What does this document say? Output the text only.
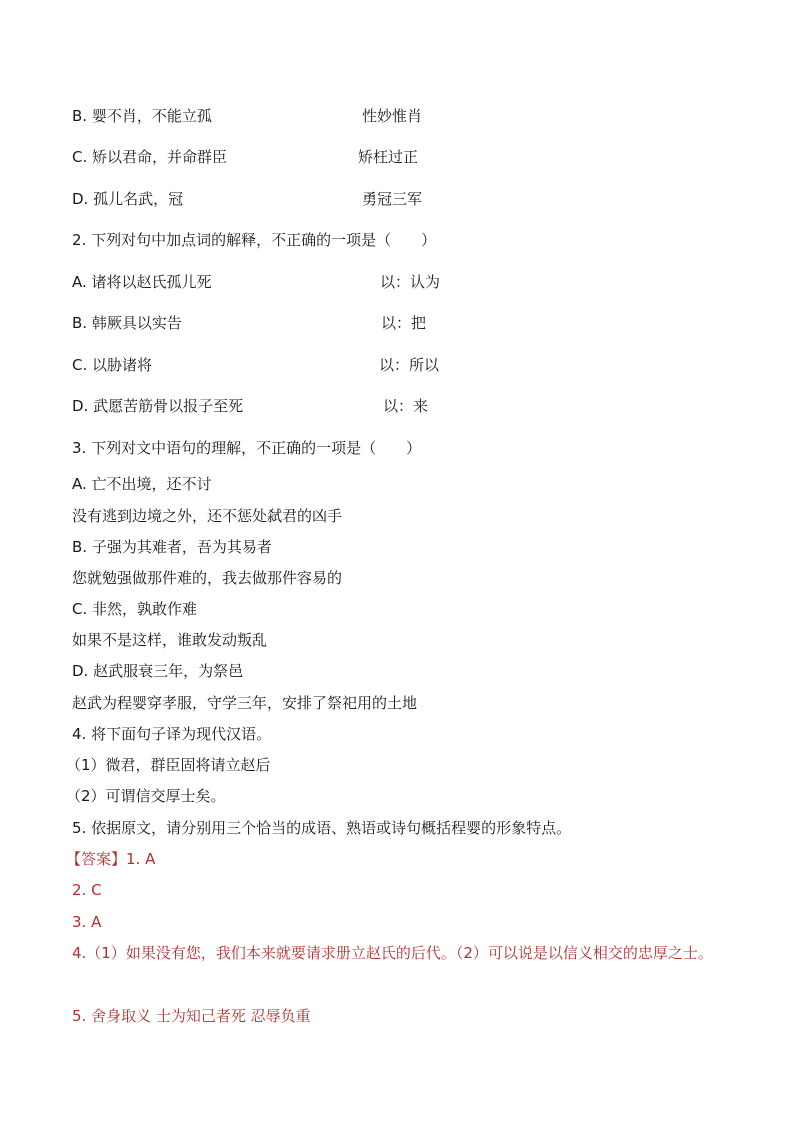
B. 婴不肖，不能立孤	性妙惟肖
C. 矫以君命，并命群臣	矫枉过正
D. 孤儿名武，冠	勇冠三军
2. 下列对句中加点词的解释，不正确的一项是（　　）
A. 诸将以赵氏孤儿死	以：认为
B. 韩厥具以实告	以：把
C. 以胁诸将	以：所以
D. 武愿苦筋骨以报子至死	以：来
3. 下列对文中语句的理解，不正确的一项是（　　）
A. 亡不出境，还不讨
没有逃到边境之外，还不惩处弑君的凶手
B. 子强为其难者，吾为其易者
您就勉强做那件难的，我去做那件容易的
C. 非然，孰敢作难
如果不是这样，谁敢发动叛乱
D. 赵武服衰三年，为祭邑
赵武为程婴穿孝服，守学三年，安排了祭祀用的土地
4. 将下面句子译为现代汉语。
（1）微君，群臣固将请立赵后
（2）可谓信交厚士矣。
5. 依据原文，请分别用三个恰当的成语、熟语或诗句概括程婴的形象特点。
【答案】1. A
2. C
3. A
4.（1）如果没有您，我们本来就要请求册立赵氏的后代。（2）可以说是以信义相交的忠厚之士。
5. 舍身取义 士为知己者死 忍辱负重
